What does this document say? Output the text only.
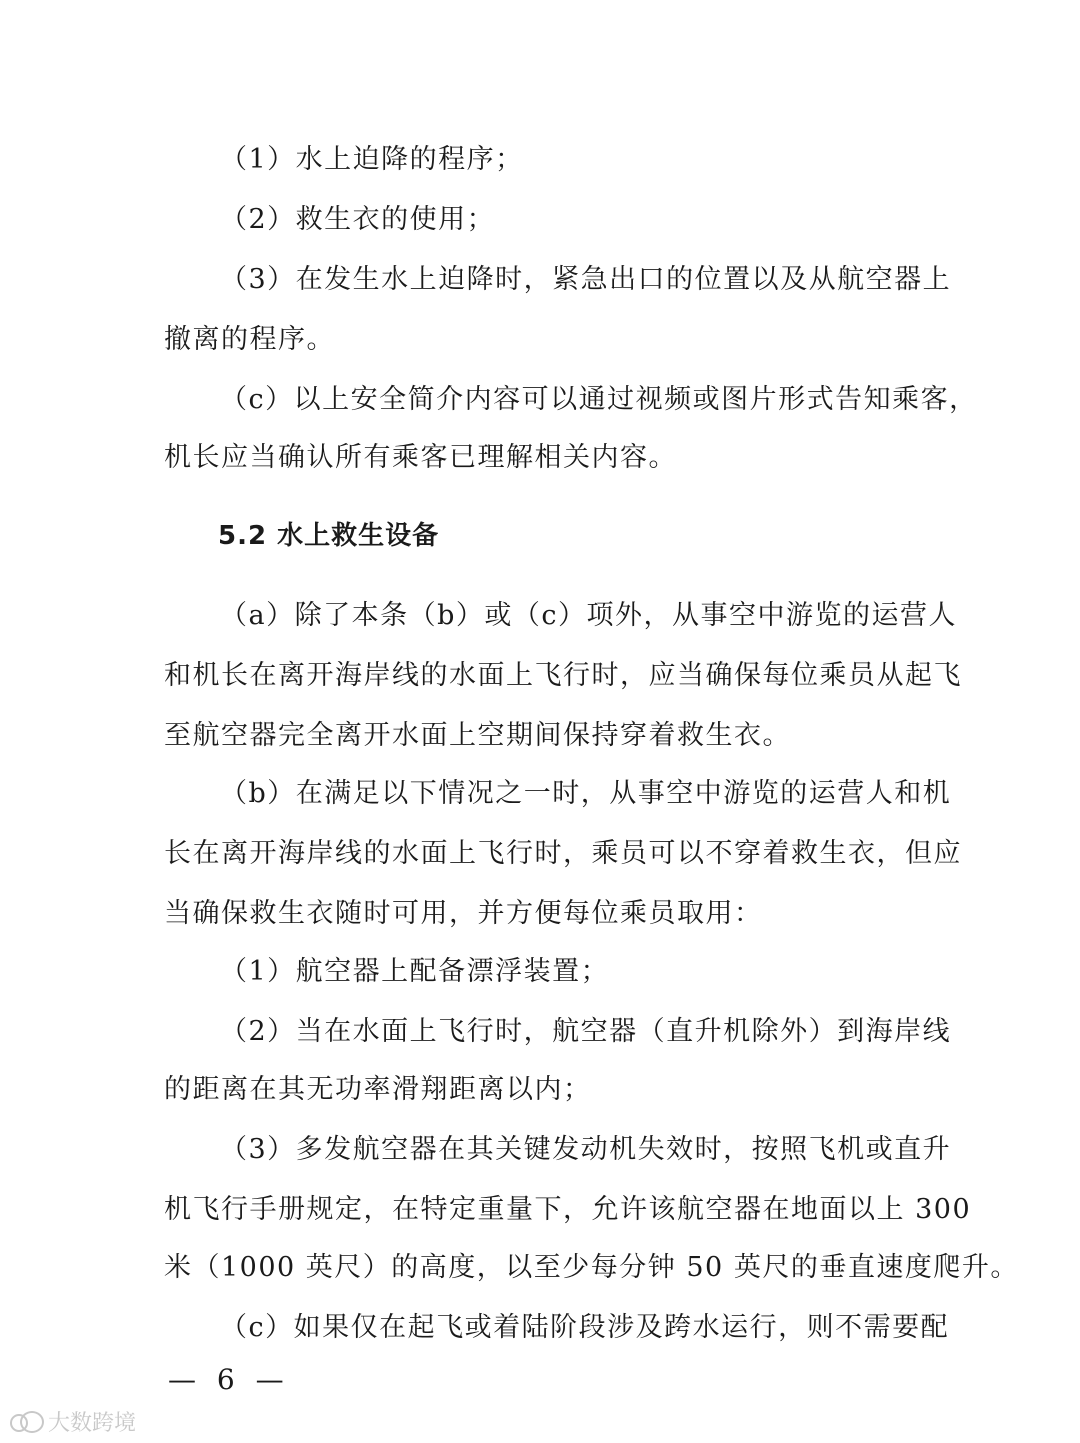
（1）水上迫降的程序；
（2）救生衣的使用；
（3）在发生水上迫降时，紧急出口的位置以及从航空器上
撤离的程序。
（c）以上安全简介内容可以通过视频或图片形式告知乘客，
机长应当确认所有乘客已理解相关内容。
5.2 水上救生设备
（a）除了本条（b）或（c）项外，从事空中游览的运营人
和机长在离开海岸线的水面上飞行时，应当确保每位乘员从起飞
至航空器完全离开水面上空期间保持穿着救生衣。
（b）在满足以下情况之一时，从事空中游览的运营人和机
长在离开海岸线的水面上飞行时，乘员可以不穿着救生衣，但应
当确保救生衣随时可用，并方便每位乘员取用：
（1）航空器上配备漂浮装置；
（2）当在水面上飞行时，航空器（直升机除外）到海岸线
的距离在其无功率滑翔距离以内；
（3）多发航空器在其关键发动机失效时，按照飞机或直升
机飞行手册规定，在特定重量下，允许该航空器在地面以上 300
米（1000 英尺）的高度，以至少每分钟 50 英尺的垂直速度爬升。
（c）如果仅在起飞或着陆阶段涉及跨水运行，则不需要配
— 6 —
大数跨境
